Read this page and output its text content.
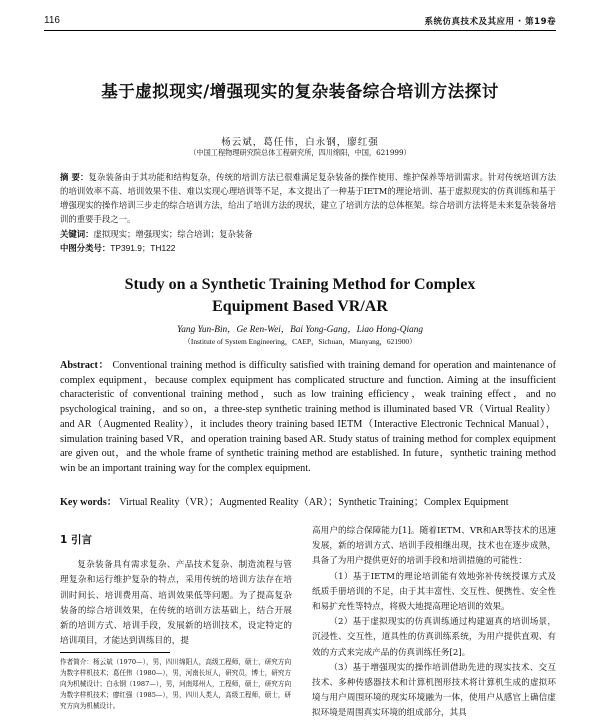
116	系统仿真技术及其应用 · 第19卷
基于虚拟现实/增强现实的复杂装备综合培训方法探讨
杨云斌，葛任伟，白永钢，廖红强
（中国工程物理研究院总体工程研究所，四川绵阳，中国，621999）
摘 要：复杂装备由于其功能和结构复杂，传统的培训方法已很难满足复杂装备的操作使用、维护保养等培训需求。针对传统培训方法的培训效率不高、培训效果不佳、难以实现心理培训等不足，本文提出了一种基于IETM的理论培训、基于虚拟现实的仿真训练和基于增强现实的操作培训三步走的综合培训方法，给出了培训方法的现状，建立了培训方法的总体框架。综合培训方法将是未来复杂装备培训的重要手段之一。
关键词：虚拟现实；增强现实；综合培训；复杂装备
中图分类号：TP391.9；TH122
Study on a Synthetic Training Method for Complex
Equipment Based VR/AR
Yang Yun-Bin，Ge Ren-Wei，Bai Yong-Gang，Liao Hong-Qiang
（Institute of System Engineering，CAEP，Sichuan，Mianyang，621900）
Abstract： Conventional training method is difficulty satisfied with training demand for operation and maintenance of complex equipment，because complex equipment has complicated structure and function. Aiming at the insufficient characteristic of conventional training method，such as low training efficiency，weak training effect，and no psychological training，and so on，a three-step synthetic training method is illuminated based VR（Virtual Reality）and AR（Augmented Reality），it includes theory training based IETM（Interactive Electronic Technical Manual），simulation training based VR，and operation training based AR. Study status of training method for complex equipment are given out，and the whole frame of synthetic training method are established. In future，synthetic training method win be an important training way for the complex equipment.
Key words： Virtual Reality（VR）；Augmented Reality（AR）；Synthetic Training；Complex Equipment
1 引言

复杂装备具有需求复杂、产品技术复杂、制造流程与管理复杂和运行维护复杂的特点，采用传统的培训方法存在培训时间长、培训费用高、培训效果低等问题。为了提高复杂装备的综合培训效果，在传统的培训方法基础上，结合开展新的培训方式、培训手段，发展新的培训技术，设定特定的培训项目，才能达到训练目的，提

高用户的综合保障能力[1]。随着IETM、VR和AR等技术的迅速发展，新的培训方式、培训手段相继出现，技术也在逐步成熟，具备了为用户提供更好的培训手段和培训措施的可能性：

（1）基于IETM的理论培训能有效地弥补传统授课方式及纸质手册培训的不足，由于其丰富性、交互性、便携性、安全性和易扩充性等特点，将极大地提高理论培训的效果。

（2）基于虚拟现实的仿真训练通过构建逼真的培训场景，沉浸性、交互性，道具性的仿真训练系统，为用户提供直观、有效的方式来完成产品的仿真训练任务[2]。

（3）基于增强现实的操作培训借助先进的现实技术、交互技术、多种传感器技术和计算机图形技术将计算机生成的虚拟环境与用户周围环境的现实环境融为一体，使用户从感官上确信虚拟环境是周围真实环境的组成部分，其具

作者简介：杨云斌（1970—），男，四川绵阳人，高级工程师，硕士，研究方向为数字样机技术；葛任伟（1980—），男，河南长垣人，研究员，博士，研究方向为机械设计；白永钢（1987—），男，河南郑州人，工程师，硕士，研究方向为数字样机技术；廖红强（1985—），男，四川人类人，高级工程师，硕士，研究方向为机械设计。
